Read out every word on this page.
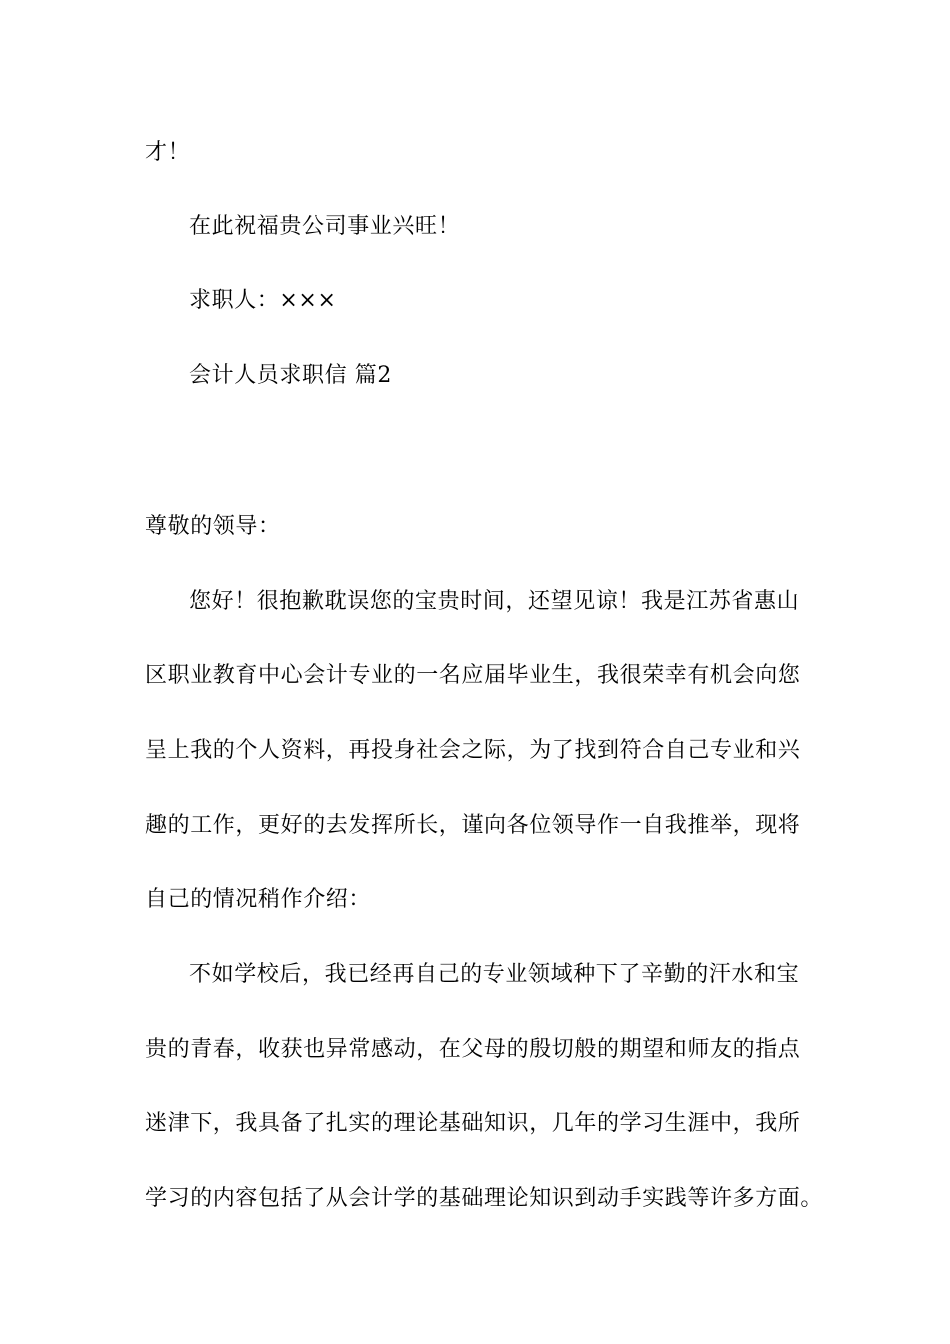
才！
在此祝福贵公司事业兴旺！
求职人：×××
会计人员求职信 篇2
尊敬的领导：
您好！很抱歉耽误您的宝贵时间，还望见谅！我是江苏省惠山
区职业教育中心会计专业的一名应届毕业生，我很荣幸有机会向您
呈上我的个人资料，再投身社会之际，为了找到符合自己专业和兴
趣的工作，更好的去发挥所长，谨向各位领导作一自我推举，现将
自己的情况稍作介绍：
不如学校后，我已经再自己的专业领域种下了辛勤的汗水和宝
贵的青春，收获也异常感动，在父母的殷切般的期望和师友的指点
迷津下，我具备了扎实的理论基础知识，几年的学习生涯中，我所
学习的内容包括了从会计学的基础理论知识到动手实践等许多方面。
